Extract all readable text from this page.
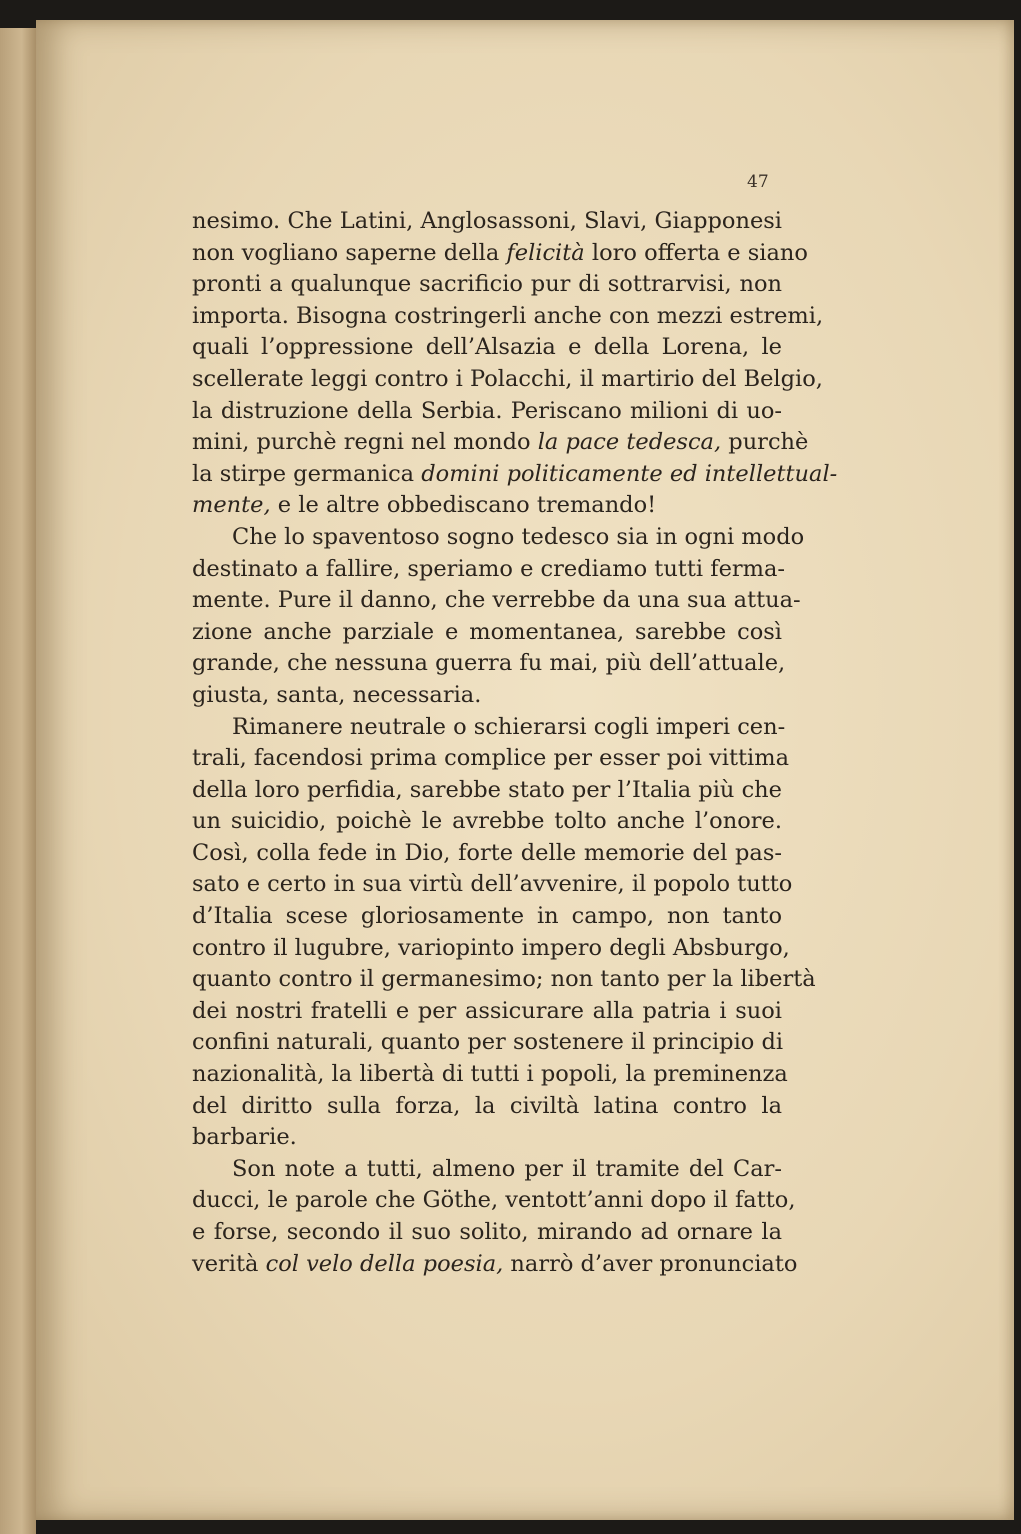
47
nesimo. Che Latini, Anglosassoni, Slavi, Giapponesi
non vogliano saperne della felicità loro offerta e siano
pronti a qualunque sacrificio pur di sottrarvisi, non
importa. Bisogna costringerli anche con mezzi estremi,
quali l’oppressione dell’Alsazia e della Lorena, le
scellerate leggi contro i Polacchi, il martirio del Belgio,
la distruzione della Serbia. Periscano milioni di uo-
mini, purchè regni nel mondo la pace tedesca, purchè
la stirpe germanica domini politicamente ed intellettual-
mente, e le altre obbediscano tremando!
Che lo spaventoso sogno tedesco sia in ogni modo
destinato a fallire, speriamo e crediamo tutti ferma-
mente. Pure il danno, che verrebbe da una sua attua-
zione anche parziale e momentanea, sarebbe così
grande, che nessuna guerra fu mai, più dell’attuale,
giusta, santa, necessaria.
Rimanere neutrale o schierarsi cogli imperi cen-
trali, facendosi prima complice per esser poi vittima
della loro perfidia, sarebbe stato per l’Italia più che
un suicidio, poichè le avrebbe tolto anche l’onore.
Così, colla fede in Dio, forte delle memorie del pas-
sato e certo in sua virtù dell’avvenire, il popolo tutto
d’Italia scese gloriosamente in campo, non tanto
contro il lugubre, variopinto impero degli Absburgo,
quanto contro il germanesimo; non tanto per la libertà
dei nostri fratelli e per assicurare alla patria i suoi
confini naturali, quanto per sostenere il principio di
nazionalità, la libertà di tutti i popoli, la preminenza
del diritto sulla forza, la civiltà latina contro la
barbarie.
Son note a tutti, almeno per il tramite del Car-
ducci, le parole che Göthe, ventott’anni dopo il fatto,
e forse, secondo il suo solito, mirando ad ornare la
verità col velo della poesia, narrò d’aver pronunciato
